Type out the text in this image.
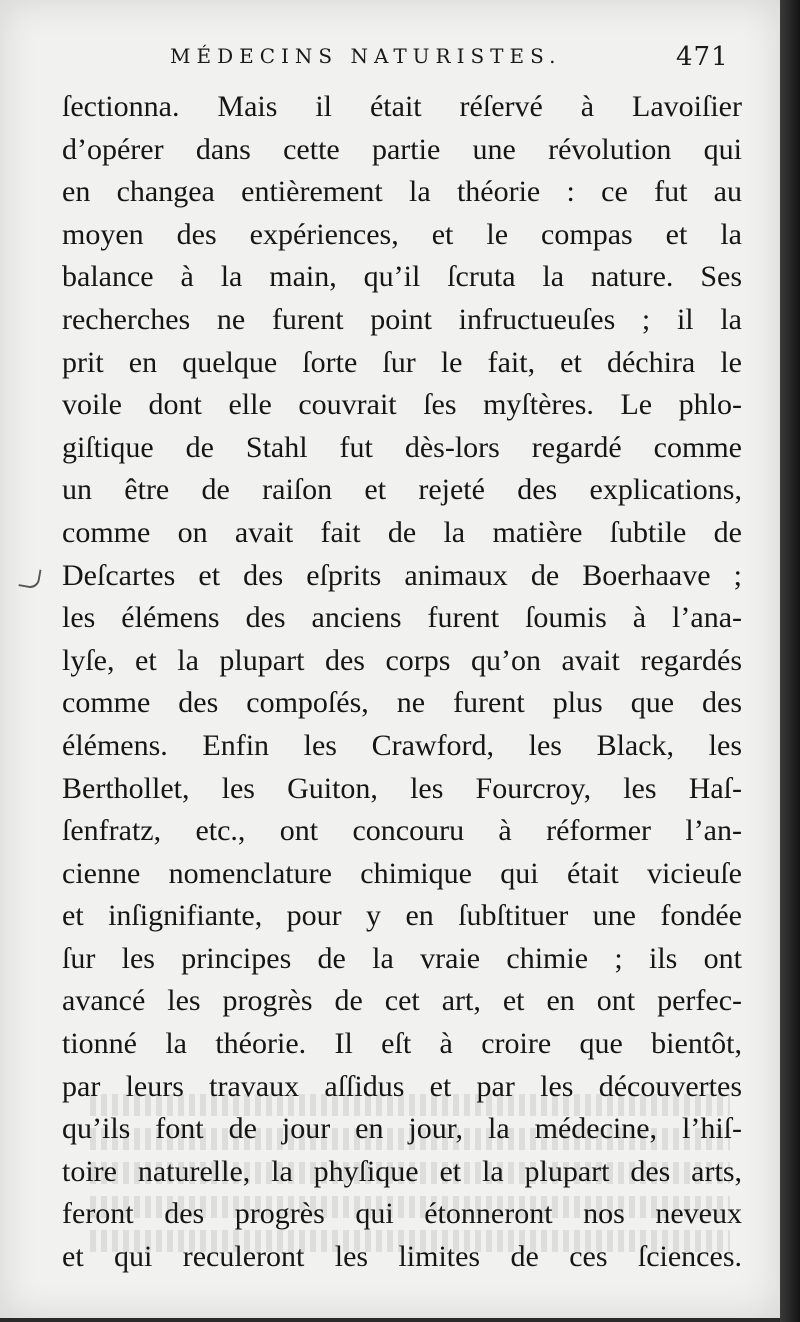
MÉDECINS NATURISTES.	471
ſectionna. Mais il était réſervé à Lavoiſier
d’opérer dans cette partie une révolution qui
en changea entièrement la théorie : ce fut au
moyen des expériences, et le compas et la
balance à la main, qu’il ſcruta la nature. Ses
recherches ne furent point infructueuſes ; il la
prit en quelque ſorte ſur le fait, et déchira le
voile dont elle couvrait ſes myſtères. Le phlo-
giſtique de Stahl fut dès-lors regardé comme
un être de raiſon et rejeté des explications,
comme on avait fait de la matière ſubtile de
Deſcartes et des eſprits animaux de Boerhaave ;
les élémens des anciens furent ſoumis à l’ana-
lyſe, et la plupart des corps qu’on avait regardés
comme des compoſés, ne furent plus que des
élémens. Enfin les Crawford, les Black, les
Berthollet, les Guiton, les Fourcroy, les Haſ-
ſenfratz, etc., ont concouru à réformer l’an-
cienne nomenclature chimique qui était vicieuſe
et inſignifiante, pour y en ſubſtituer une fondée
ſur les principes de la vraie chimie ; ils ont
avancé les progrès de cet art, et en ont perfec-
tionné la théorie. Il eſt à croire que bientôt,
par leurs travaux aſſidus et par les découvertes
qu’ils font de jour en jour, la médecine, l’hiſ-
toire naturelle, la phyſique et la plupart des arts,
feront des progrès qui étonneront nos neveux
et qui reculeront les limites de ces ſciences.
